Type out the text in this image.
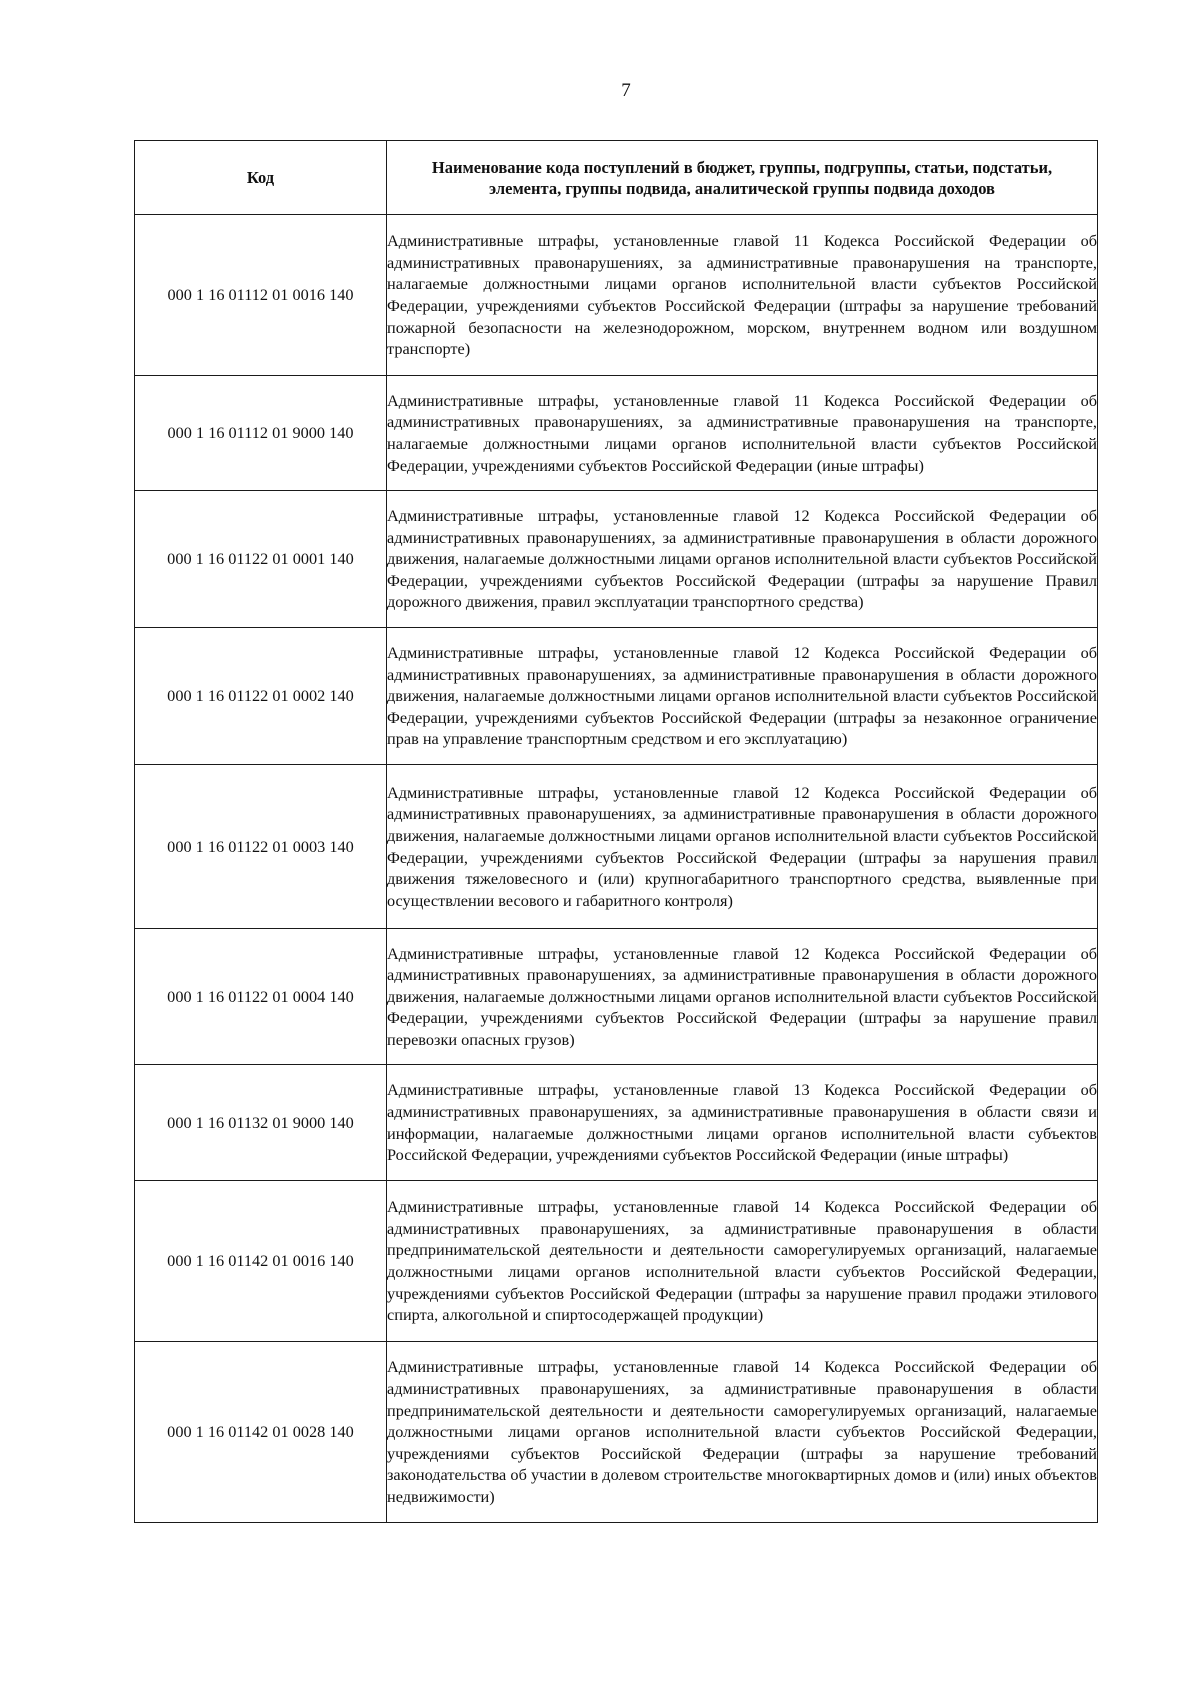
7
Код	Наименование кода поступлений в бюджет, группы, подгруппы, статьи, подстатьи, элемента, группы подвида, аналитической группы подвида доходов
000 1 16 01112 01 0016 140	Административные штрафы, установленные главой 11 Кодекса Российской Федерации об административных правонарушениях, за административные правонарушения на транспорте, налагаемые должностными лицами органов исполнительной власти субъектов Российской Федерации, учреждениями субъектов Российской Федерации (штрафы за нарушение требований пожарной безопасности на железнодорожном, морском, внутреннем водном или воздушном транспорте)
000 1 16 01112 01 9000 140	Административные штрафы, установленные главой 11 Кодекса Российской Федерации об административных правонарушениях, за административные правонарушения на транспорте, налагаемые должностными лицами органов исполнительной власти субъектов Российской Федерации, учреждениями субъектов Российской Федерации (иные штрафы)
000 1 16 01122 01 0001 140	Административные штрафы, установленные главой 12 Кодекса Российской Федерации об административных правонарушениях, за административные правонарушения в области дорожного движения, налагаемые должностными лицами органов исполнительной власти субъектов Российской Федерации, учреждениями субъектов Российской Федерации (штрафы за нарушение Правил дорожного движения, правил эксплуатации транспортного средства)
000 1 16 01122 01 0002 140	Административные штрафы, установленные главой 12 Кодекса Российской Федерации об административных правонарушениях, за административные правонарушения в области дорожного движения, налагаемые должностными лицами органов исполнительной власти субъектов Российской Федерации, учреждениями субъектов Российской Федерации (штрафы за незаконное ограничение прав на управление транспортным средством и его эксплуатацию)
000 1 16 01122 01 0003 140	Административные штрафы, установленные главой 12 Кодекса Российской Федерации об административных правонарушениях, за административные правонарушения в области дорожного движения, налагаемые должностными лицами органов исполнительной власти субъектов Российской Федерации, учреждениями субъектов Российской Федерации (штрафы за нарушения правил движения тяжеловесного и (или) крупногабаритного транспортного средства, выявленные при осуществлении весового и габаритного контроля)
000 1 16 01122 01 0004 140	Административные штрафы, установленные главой 12 Кодекса Российской Федерации об административных правонарушениях, за административные правонарушения в области дорожного движения, налагаемые должностными лицами органов исполнительной власти субъектов Российской Федерации, учреждениями субъектов Российской Федерации (штрафы за нарушение правил перевозки опасных грузов)
000 1 16 01132 01 9000 140	Административные штрафы, установленные главой 13 Кодекса Российской Федерации об административных правонарушениях, за административные правонарушения в области связи и информации, налагаемые должностными лицами органов исполнительной власти субъектов Российской Федерации, учреждениями субъектов Российской Федерации (иные штрафы)
000 1 16 01142 01 0016 140	Административные штрафы, установленные главой 14 Кодекса Российской Федерации об административных правонарушениях, за административные правонарушения в области предпринимательской деятельности и деятельности саморегулируемых организаций, налагаемые должностными лицами органов исполнительной власти субъектов Российской Федерации, учреждениями субъектов Российской Федерации (штрафы за нарушение правил продажи этилового спирта, алкогольной и спиртосодержащей продукции)
000 1 16 01142 01 0028 140	Административные штрафы, установленные главой 14 Кодекса Российской Федерации об административных правонарушениях, за административные правонарушения в области предпринимательской деятельности и деятельности саморегулируемых организаций, налагаемые должностными лицами органов исполнительной власти субъектов Российской Федерации, учреждениями субъектов Российской Федерации (штрафы за нарушение требований законодательства об участии в долевом строительстве многоквартирных домов и (или) иных объектов недвижимости)
